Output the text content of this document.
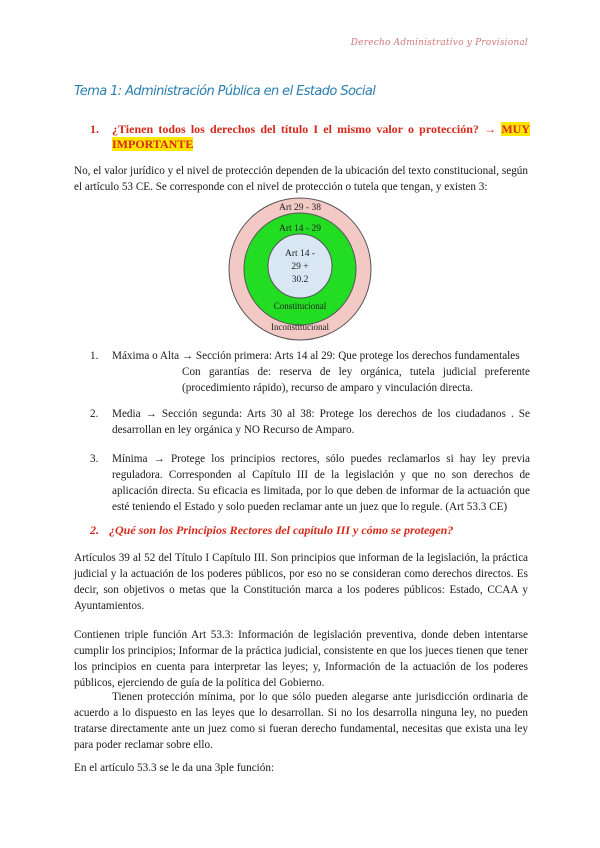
Derecho Administrativo y Provisional
Tema 1: Administración Pública en el Estado Social
1. ¿Tienen todos los derechos del título I el mismo valor o protección? → MUY
IMPORTANTE

No, el valor jurídico y el nivel de protección dependen de la ubicación del texto constitucional, según el artículo 53 CE. Se corresponde con el nivel de protección o tutela que tengan, y existen 3:

Art 29 - 38
Art 14 - 29
Art 14 -
29 +
30.2
Constitucional
Inconstitucional
1. Máxima o Alta → Sección primera: Arts 14 al 29: Que protege los derechos fundamentales
Con garantías de: reserva de ley orgánica, tutela judicial preferente (procedimiento rápido), recurso de amparo y vinculación directa.
2. Media → Sección segunda: Arts 30 al 38: Protege los derechos de los ciudadanos . Se desarrollan en ley orgánica y NO Recurso de Amparo.
3. Mínima → Protege los principios rectores, sólo puedes reclamarlos si hay ley previa reguladora. Corresponden al Capítulo III de la legislación y que no son derechos de aplicación directa. Su eficacia es limitada, por lo que deben de informar de la actuación que esté teniendo el Estado y solo pueden reclamar ante un juez que lo regule. (Art 53.3 CE)
2. ¿Qué son los Principios Rectores del capítulo III y cómo se protegen?

Artículos 39 al 52 del Título I Capítulo III. Son principios que informan de la legislación, la práctica judicial y la actuación de los poderes públicos, por eso no se consideran como derechos directos. Es decir, son objetivos o metas que la Constitución marca a los poderes públicos: Estado, CCAA y Ayuntamientos.

Contienen triple función Art 53.3: Información de legislación preventiva, donde deben intentarse cumplir los principios; Informar de la práctica judicial, consistente en que los jueces tienen que tener los principios en cuenta para interpretar las leyes; y, Información de la actuación de los poderes públicos, ejerciendo de guía de la política del Gobierno.

Tienen protección mínima, por lo que sólo pueden alegarse ante jurisdicción ordinaria de acuerdo a lo dispuesto en las leyes que lo desarrollan. Si no los desarrolla ninguna ley, no pueden tratarse directamente ante un juez como si fueran derecho fundamental, necesitas que exista una ley para poder reclamar sobre ello.

En el artículo 53.3 se le da una 3ple función:
